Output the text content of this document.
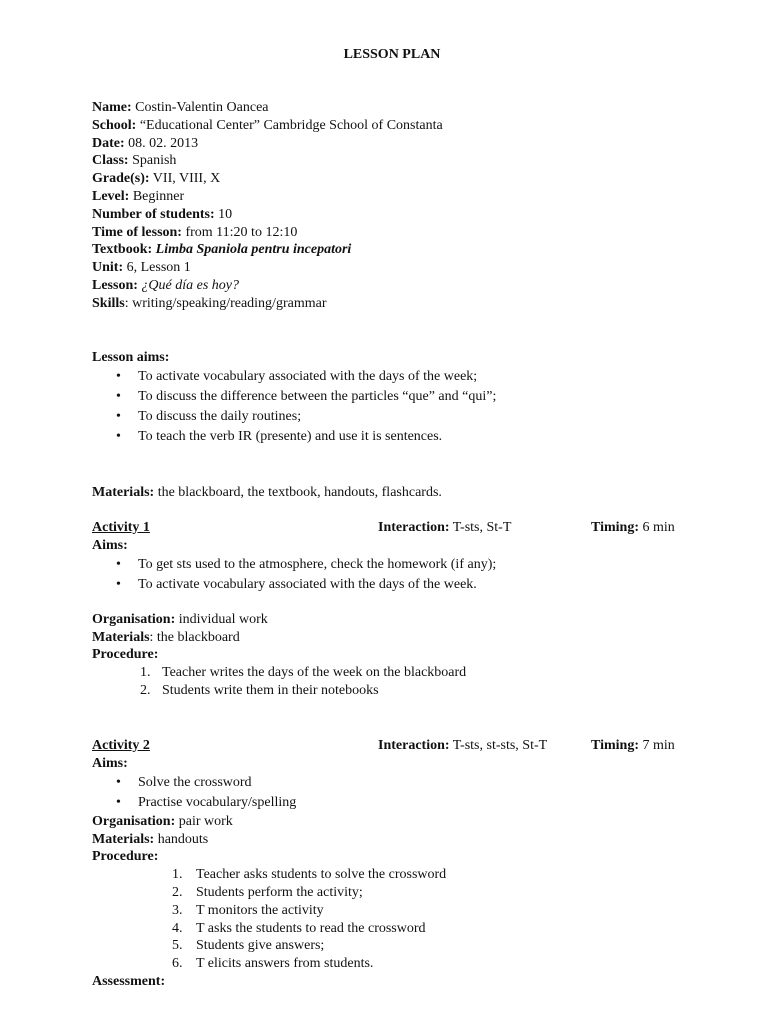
LESSON PLAN
Name: Costin-Valentin Oancea
School: “Educational Center” Cambridge School of Constanta
Date: 08. 02. 2013
Class: Spanish
Grade(s): VII, VIII, X
Level: Beginner
Number of students: 10
Time of lesson: from 11:20 to 12:10
Textbook: Limba Spaniola pentru incepatori
Unit: 6, Lesson 1
Lesson: ¿Qué día es hoy?
Skills: writing/speaking/reading/grammar
Lesson aims:
• To activate vocabulary associated with the days of the week;
• To discuss the difference between the particles “que” and “qui”;
• To discuss the daily routines;
• To teach the verb IR (presente) and use it is sentences.
Materials: the blackboard, the textbook, handouts, flashcards.
Activity 1	Interaction: T-sts, St-T	Timing: 6 min
Aims:
• To get sts used to the atmosphere, check the homework (if any);
• To activate vocabulary associated with the days of the week.
Organisation: individual work
Materials: the blackboard
Procedure:
1. Teacher writes the days of the week on the blackboard
2. Students write them in their notebooks
Activity 2	Interaction: T-sts, st-sts, St-T	Timing: 7 min
Aims:
• Solve the crossword
• Practise vocabulary/spelling
Organisation: pair work
Materials: handouts
Procedure:
1. Teacher asks students to solve the crossword
2. Students perform the activity;
3. T monitors the activity
4. T asks the students to read the crossword
5. Students give answers;
6. T elicits answers from students.
Assessment:
